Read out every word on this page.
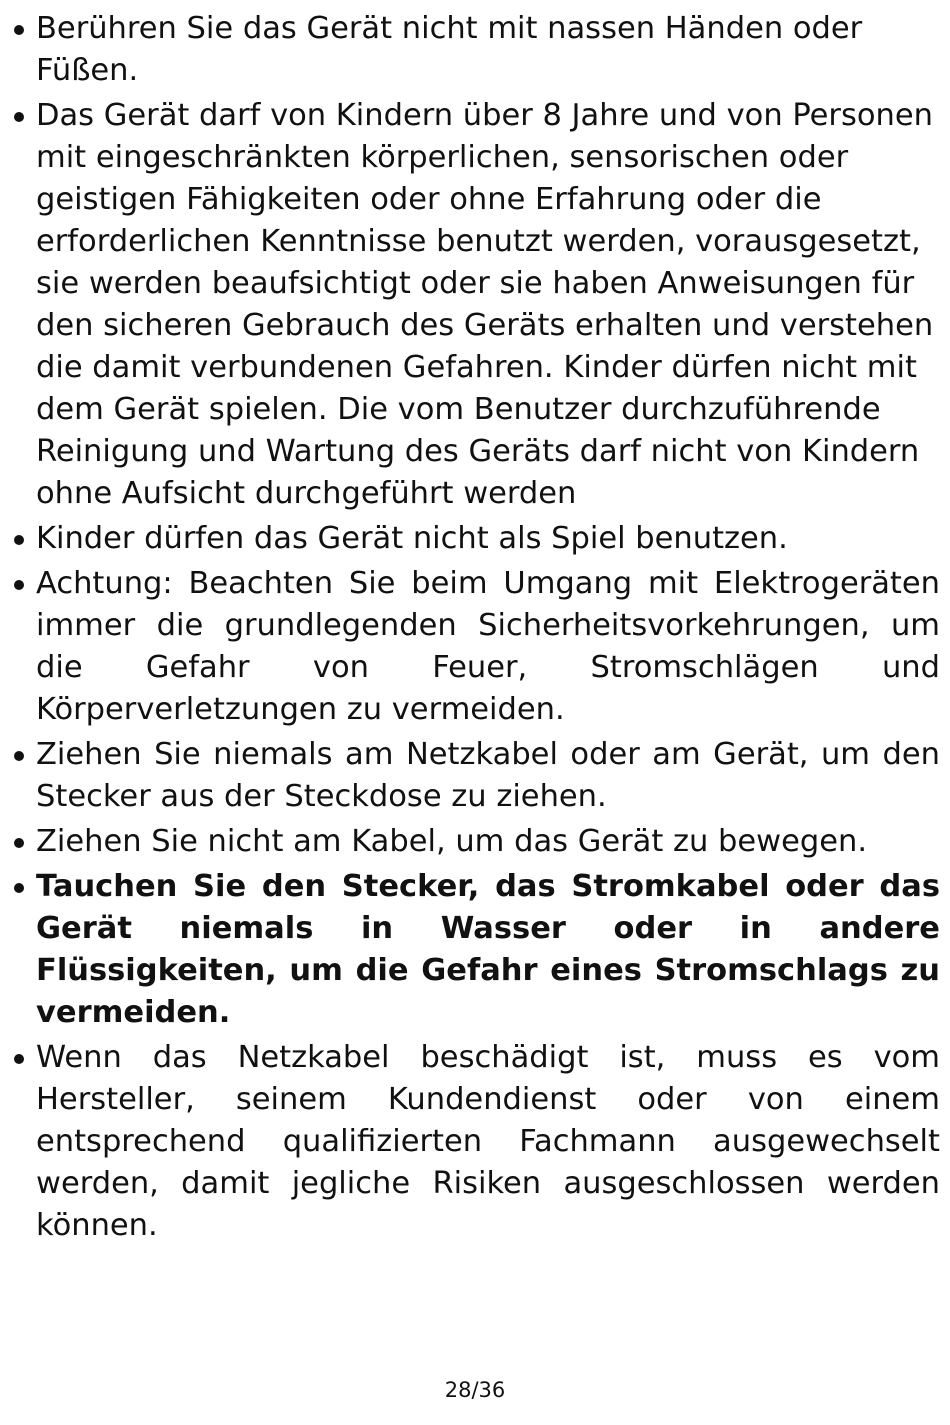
Berühren Sie das Gerät nicht mit nassen Händen oder Füßen.
Das Gerät darf von Kindern über 8 Jahre und von Personen mit eingeschränkten körperlichen, sensorischen oder geistigen Fähigkeiten oder ohne Erfahrung oder die erforderlichen Kenntnisse benutzt werden, vorausgesetzt, sie werden beaufsichtigt oder sie haben Anweisungen für den sicheren Gebrauch des Geräts erhalten und verstehen die damit verbundenen Gefahren. Kinder dürfen nicht mit dem Gerät spielen. Die vom Benutzer durchzuführende Reinigung und Wartung des Geräts darf nicht von Kindern ohne Aufsicht durchgeführt werden
Kinder dürfen das Gerät nicht als Spiel benutzen.
Achtung: Beachten Sie beim Umgang mit Elektrogeräten immer die grundlegenden Sicherheitsvorkehrungen, um die Gefahr von Feuer, Stromschlägen und Körperverletzungen zu vermeiden.
Ziehen Sie niemals am Netzkabel oder am Gerät, um den Stecker aus der Steckdose zu ziehen.
Ziehen Sie nicht am Kabel, um das Gerät zu bewegen.
Tauchen Sie den Stecker, das Stromkabel oder das Gerät niemals in Wasser oder in andere Flüssigkeiten, um die Gefahr eines Stromschlags zu vermeiden.
Wenn das Netzkabel beschädigt ist, muss es vom Hersteller, seinem Kundendienst oder von einem entsprechend qualifizierten Fachmann ausgewechselt werden, damit jegliche Risiken ausgeschlossen werden können.
28/36
